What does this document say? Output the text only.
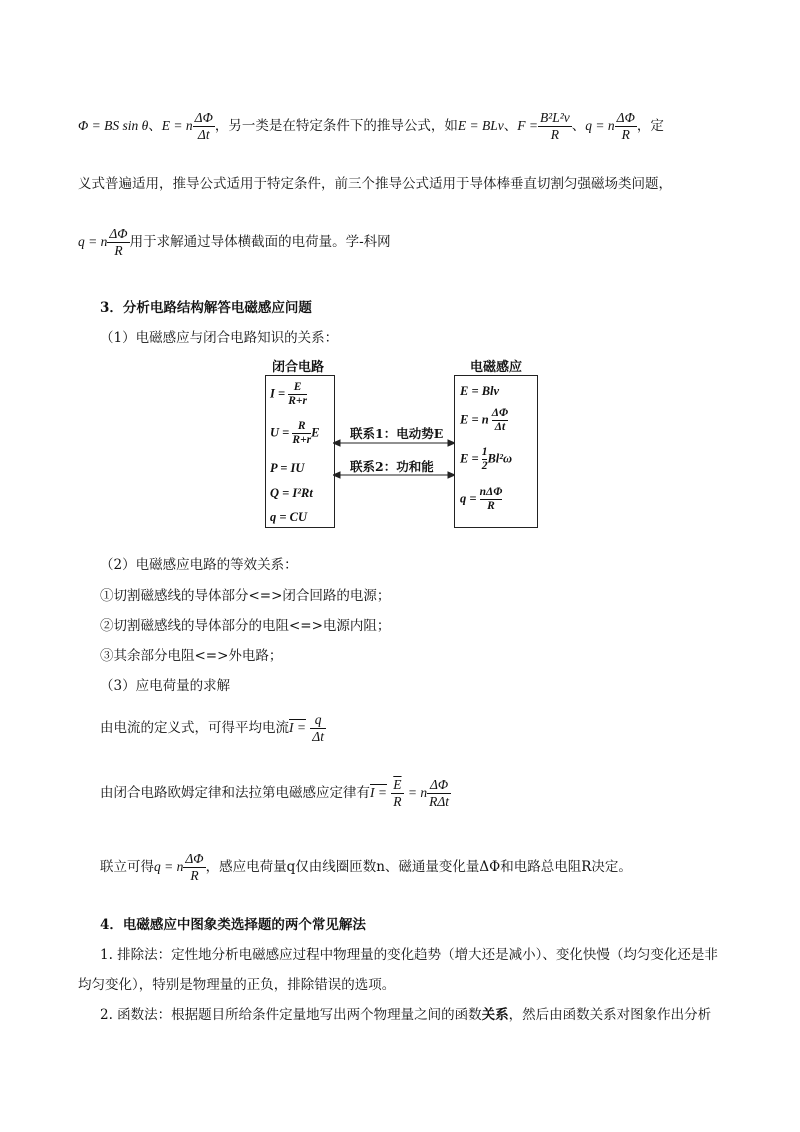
Φ = BS sin θ、E = n $\frac{\Delta\Phi}{\Delta t}$ ，另一类是在特定条件下的推导公式，如E = BLv、$F = \frac{\text{B²L²v}}{R}$ 、q = n $\frac{\Delta\Phi}{R}$ ，定
义式普遍适用，推导公式适用于特定条件，前三个推导公式适用于导体棒垂直切割匀强磁场类问题，
q = n $\frac{\Delta\Phi}{R}$ 用于求解通过导体横截面的电荷量。学-科网
3．分析电路结构解答电磁感应问题
（1）电磁感应与闭合电路知识的关系：
闭合电路	电磁感应
$I = \frac{E}{R+r}$
$U = \frac{R}{R+r}$ E
P = IU
Q = I²Rt
q = CU
E = Blv
E = n $\frac{\Delta\Phi}{\Delta t}$
$E = \frac{1}{2} Bl^2\omega$
q = nΔΦ
R
联系1：电动势E
联系2：功和能
（2）电磁感应电路的等效关系：
①切割磁感线的导体部分<=>闭合回路的电源；
②切割磁感线的导体部分的电阻<=>电源内阻；
③其余部分电阻<=>外电路；
（3）应电荷量的求解
由电流的定义式，可得平均电流$I = \frac{q}{\Delta t}$
由闭合电路欧姆定律和法拉第电磁感应定律有$I = \frac{\overline{E}}{R} = n \frac{\Delta\Phi}{\text{RΔt}}$
联立可得q = n $\frac{\Delta\Phi}{R}$ ，感应电荷量q仅由线圈匝数n、磁通量变化量ΔΦ和电路总电阻R决定。
4．电磁感应中图象类选择题的两个常见解法
1. 排除法：定性地分析电磁感应过程中物理量的变化趋势（增大还是减小）、变化快慢（均匀变化还是非
均匀变化），特别是物理量的正负，排除错误的选项。
2. 函数法：根据题目所给条件定量地写出两个物理量之间的函数关系，然后由函数关系对图象作出分析
